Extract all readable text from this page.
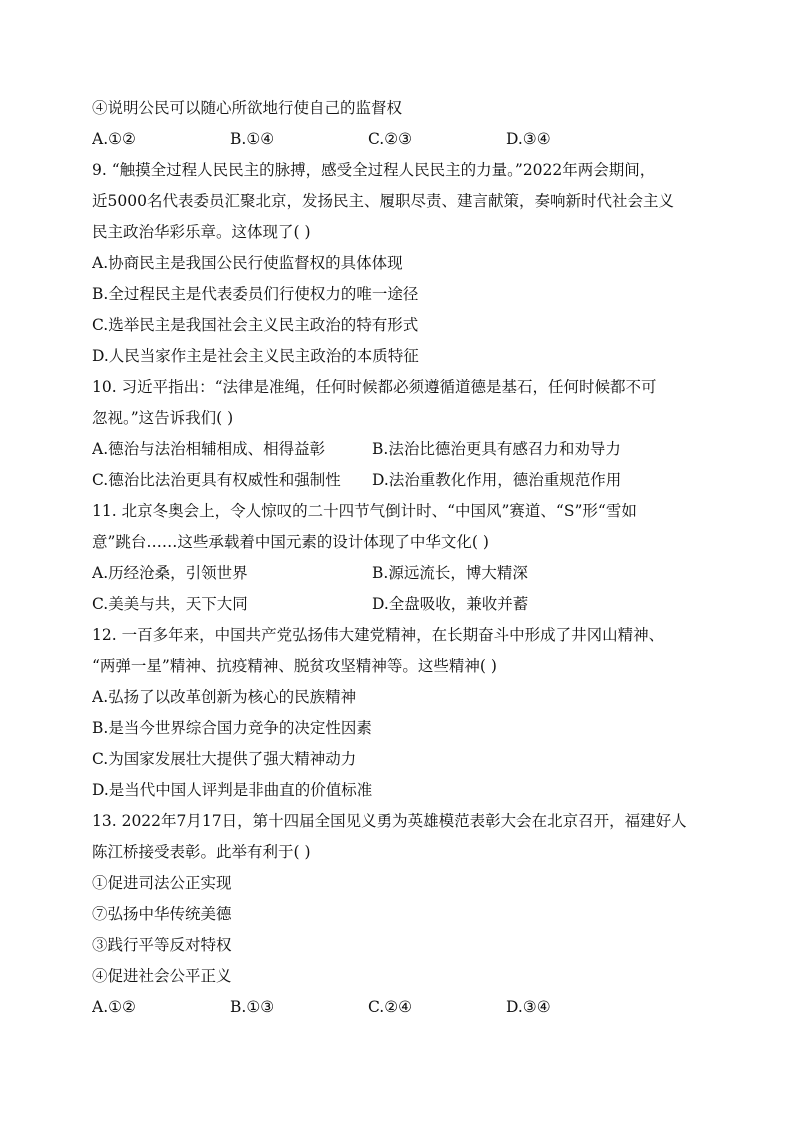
④说明公民可以随心所欲地行使自己的监督权
A.①②	B.①④	C.②③	D.③④
9. “触摸全过程人民民主的脉搏，感受全过程人民民主的力量。”2022年两会期间，
近5000名代表委员汇聚北京，发扬民主、履职尽责、建言献策，奏响新时代社会主义
民主政治华彩乐章。这体现了( )
A.协商民主是我国公民行使监督权的具体体现
B.全过程民主是代表委员们行使权力的唯一途径
C.选举民主是我国社会主义民主政治的特有形式
D.人民当家作主是社会主义民主政治的本质特征
10. 习近平指出：“法律是准绳，任何时候都必须遵循道德是基石，任何时候都不可
忽视。”这告诉我们( )
A.德治与法治相辅相成、相得益彰	B.法治比德治更具有感召力和劝导力
C.德治比法治更具有权威性和强制性	D.法治重教化作用，德治重规范作用
11. 北京冬奥会上，令人惊叹的二十四节气倒计时、“中国风”赛道、“S”形“雪如
意”跳台……这些承载着中国元素的设计体现了中华文化( )
A.历经沧桑，引领世界	B.源远流长，博大精深
C.美美与共，天下大同	D.全盘吸收，兼收并蓄
12. 一百多年来，中国共产党弘扬伟大建党精神，在长期奋斗中形成了井冈山精神、
“两弹一星”精神、抗疫精神、脱贫攻坚精神等。这些精神( )
A.弘扬了以改革创新为核心的民族精神
B.是当今世界综合国力竞争的决定性因素
C.为国家发展壮大提供了强大精神动力
D.是当代中国人评判是非曲直的价值标准
13. 2022年7月17日，第十四届全国见义勇为英雄模范表彰大会在北京召开，福建好人
陈江桥接受表彰。此举有利于( )
①促进司法公正实现
⑦弘扬中华传统美德
③践行平等反对特权
④促进社会公平正义
A.①②	B.①③	C.②④	D.③④
